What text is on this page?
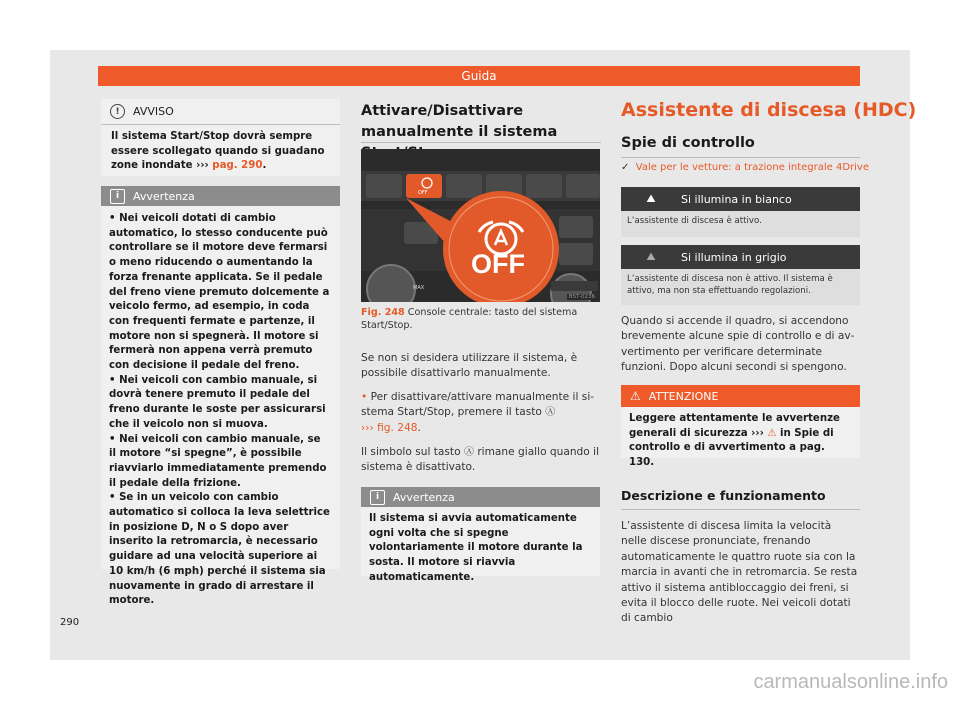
Guida
!	AVVISO

Il sistema Start/Stop dovrà sempre essere scollegato quando si guadano zone inondate ››› pag. 290.

i	Avvertenza

• Nei veicoli dotati di cambio automatico, lo stesso conducente può controllare se il motore deve fermarsi o meno riducendo o aumentando la forza frenante applicata. Se il pedale del freno viene premuto dolcemente a veicolo fermo, ad esempio, in coda con frequenti fermate e partenze, il motore non si spegnerà. Il motore si fermerà non appena verrà premuto con decisione il pedale del freno.

• Nei veicoli con cambio manuale, si dovrà tenere premuto il pedale del freno durante le soste per assicurarsi che il veicolo non si muova.

• Nei veicoli con cambio manuale, se il motore “si spegne”, è possibile riavviarlo immediatamente premendo il pedale della frizione.

• Se in un veicolo con cambio automatico si colloca la leva selettrice in posizione D, N o S dopo aver inserito la retromarcia, è necessario guidare ad una velocità superiore ai 10 km/h (6 mph) perché il sistema sia nuovamente in grado di arrestare il motore.

290
Attivare/Disattivare manualmente il sistema
OFF
OFF
MAX
B5T-0236

Fig. 248 Console centrale: tasto del sistema Start/Stop.

Se non si desidera utilizzare il sistema, è possibile disattivarlo manualmente.

• Per disattivare/attivare manualmente il sistema Start/Stop, premere il tasto Ⓐ
››› fig. 248.

Il simbolo sul tasto Ⓐ rimane giallo quando il sistema è disattivato.

i	Avvertenza

Il sistema si avvia automaticamente ogni volta che si spegne volontariamente il motore durante la sosta. Il motore si riavvia automaticamente.

Assistente di discesa (HDC)
Spie di controllo
✓ Vale per le vetture: a trazione integrale 4Drive
⛰	Si illumina in bianco
L’assistente di discesa è attivo.
⛰	Si illumina in grigio
L’assistente di discesa non è attivo. Il sistema è attivo, ma non sta effettuando regolazioni.

Quando si accende il quadro, si accendono brevemente alcune spie di controllo e di avvertimento per verificare determinate funzioni. Dopo alcuni secondi si spengono.

⚠ ATTENZIONE

Leggere attentamente le avvertenze generali di sicurezza ››› ⚠ in Spie di controllo e di avvertimento a pag. 130.

Descrizione e funzionamento

L’assistente di discesa limita la velocità nelle discese pronunciate, frenando automaticamente le quattro ruote sia con la marcia in avanti che in retromarcia. Se resta attivo il sistema antibloccaggio dei freni, si evita il blocco delle ruote. Nei veicoli dotati di cambio

carmanualsonline.info
